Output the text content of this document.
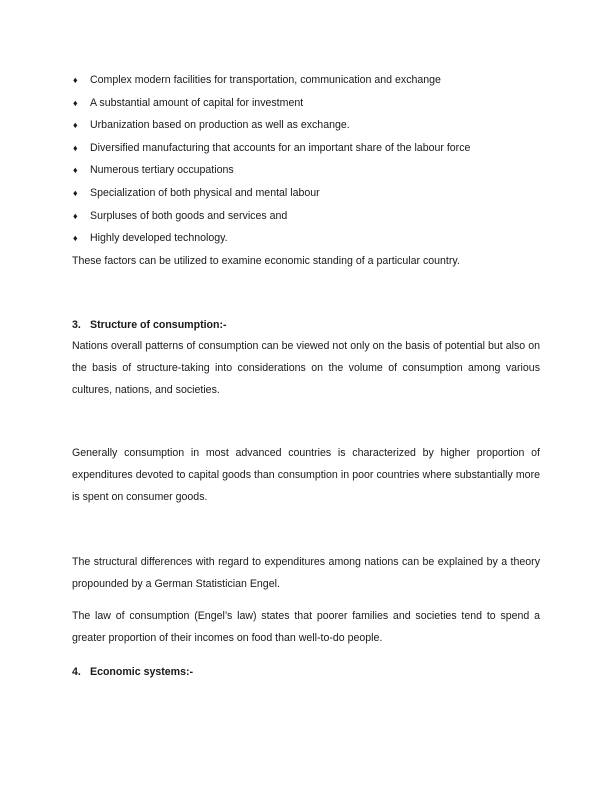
♦ Complex modern facilities for transportation, communication and exchange
♦ A substantial amount of capital for investment
♦ Urbanization based on production as well as exchange.
♦ Diversified manufacturing that accounts for an important share of the labour force
♦ Numerous tertiary occupations
♦ Specialization of both physical and mental labour
♦ Surpluses of both goods and services and
♦ Highly developed technology.
These factors can be utilized to examine economic standing of a particular country.
3. Structure of consumption:-

Nations overall patterns of consumption can be viewed not only on the basis of potential but also on the basis of structure-taking into considerations on the volume of consumption among various cultures, nations, and societies.

Generally consumption in most advanced countries is characterized by higher proportion of expenditures devoted to capital goods than consumption in poor countries where substantially more is spent on consumer goods.

The structural differences with regard to expenditures among nations can be explained by a theory propounded by a German Statistician Engel.

The law of consumption (Engel’s law) states that poorer families and societies tend to spend a greater proportion of their incomes on food than well-to-do people.

4. Economic systems:-
